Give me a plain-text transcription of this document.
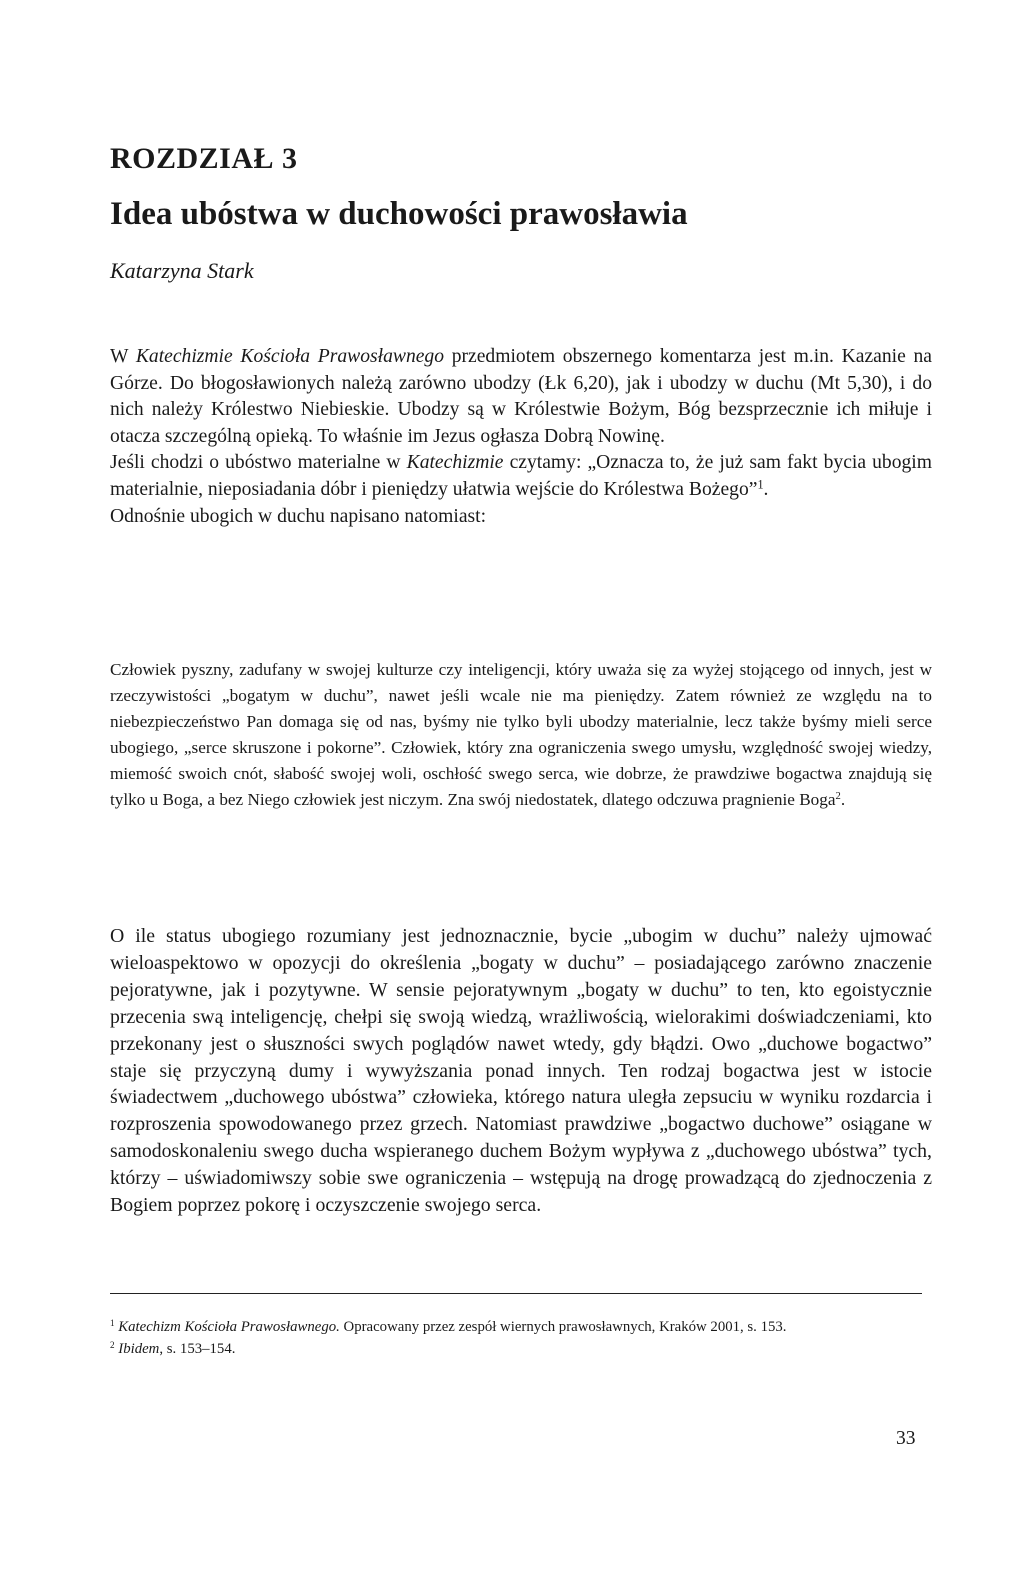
ROZDZIAŁ 3
Idea ubóstwa w duchowości prawosławia
Katarzyna Stark

W Katechizmie Kościoła Prawosławnego przedmiotem obszernego komentarza jest m.in. Kazanie na Górze. Do błogosławionych należą zarówno ubodzy (Łk 6,20), jak i ubodzy w duchu (Mt 5,30), i do nich należy Królestwo Niebieskie. Ubodzy są w Królestwie Bożym, Bóg bezsprzecznie ich miłuje i otacza szczególną opieką. To właśnie im Jezus ogłasza Dobrą Nowinę.

Jeśli chodzi o ubóstwo materialne w Katechizmie czytamy: „Oznacza to, że już sam fakt bycia ubogim materialnie, nieposiadania dóbr i pieniędzy ułatwia wejście do Królestwa Bożego”$^1$.

Odnośnie ubogich w duchu napisano natomiast:

Człowiek pyszny, zadufany w swojej kulturze czy inteligencji, który uważa się za wyżej stojącego od innych, jest w rzeczywistości „bogatym w duchu”, nawet jeśli wcale nie ma pieniędzy. Zatem również ze względu na to niebezpieczeństwo Pan domaga się od nas, byśmy nie tylko byli ubodzy materialnie, lecz także byśmy mieli serce ubogiego, „serce skruszone i pokorne”. Człowiek, który zna ograniczenia swego umysłu, względność swojej wiedzy, miemość swoich cnót, słabość swojej woli, oschłość swego serca, wie dobrze, że prawdziwe bogactwa znajdują się tylko u Boga, a bez Niego człowiek jest niczym. Zna swój niedostatek, dlatego odczuwa pragnienie Boga$^2$.

O ile status ubogiego rozumiany jest jednoznacznie, bycie „ubogim w duchu” należy ujmować wieloaspektowo w opozycji do określenia „bogaty w duchu” – posiadającego zarówno znaczenie pejoratywne, jak i pozytywne. W sensie pejoratywnym „bogaty w duchu” to ten, kto egoistycznie przecenia swą inteligencję, chełpi się swoją wiedzą, wrażliwością, wielorakimi doświadczeniami, kto przekonany jest o słuszności swych poglądów nawet wtedy, gdy błądzi. Owo „duchowe bogactwo” staje się przyczyną dumy i wywyższania ponad innych. Ten rodzaj bogactwa jest w istocie świadectwem „duchowego ubóstwa” człowieka, którego natura uległa zepsuciu w wyniku rozdarcia i rozproszenia spowodowanego przez grzech. Natomiast prawdziwe „bogactwo duchowe” osiągane w samodoskonaleniu swego ducha wspieranego duchem Bożym wypływa z „duchowego ubóstwa” tych, którzy – uświadomiwszy sobie swe ograniczenia – wstępują na drogę prowadzącą do zjednoczenia z Bogiem poprzez pokorę i oczyszczenie swojego serca.

$^1$ Katechizm Kościoła Prawosławnego. Opracowany przez zespół wiernych prawosławnych, Kraków 2001, s. 153.

$^2$ Ibidem, s. 153–154.

33
